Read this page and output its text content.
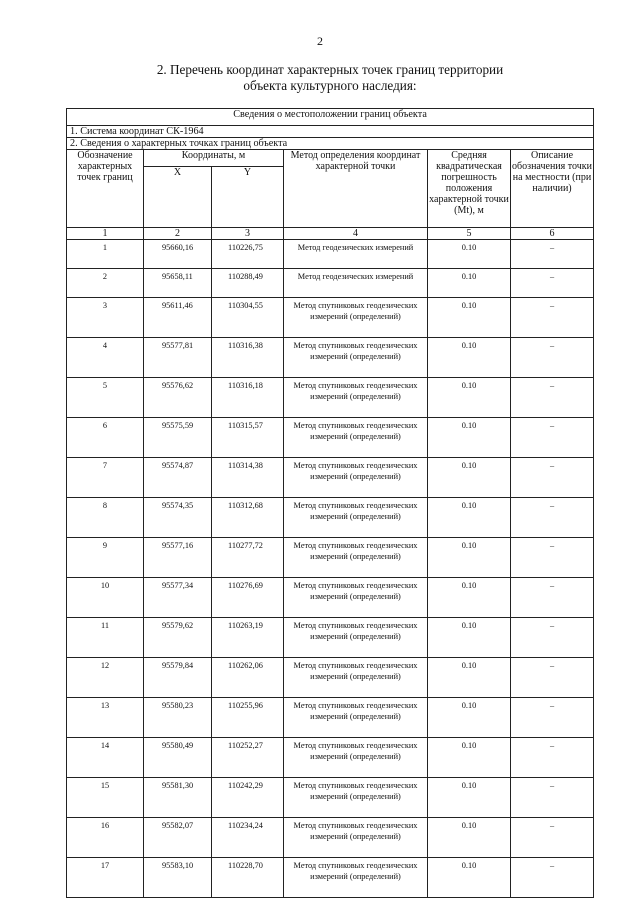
2
2. Перечень координат характерных точек границ территории
объекта культурного наследия:
Сведения о местоположении границ объекта					
1. Система координат СК-1964					
2. Сведения о характерных точках границ объекта					
Обозначение характерных точек границ	Координаты, м		Метод определения координат характерной точки	Средняя квадратическая погрешность положения характерной точки (Mt), м	Описание обозначения точки на местности (при наличии)
	X	Y			
1	2	3	4	5	6
1	95660,16	110226,75	Метод геодезических измерений	0.10	–
2	95658,11	110288,49	Метод геодезических измерений	0.10	–
3	95611,46	110304,55	Метод спутниковых геодезических измерений (определений)	0.10	–
4	95577,81	110316,38	Метод спутниковых геодезических измерений (определений)	0.10	–
5	95576,62	110316,18	Метод спутниковых геодезических измерений (определений)	0.10	–
6	95575,59	110315,57	Метод спутниковых геодезических измерений (определений)	0.10	–
7	95574,87	110314,38	Метод спутниковых геодезических измерений (определений)	0.10	–
8	95574,35	110312,68	Метод спутниковых геодезических измерений (определений)	0.10	–
9	95577,16	110277,72	Метод спутниковых геодезических измерений (определений)	0.10	–
10	95577,34	110276,69	Метод спутниковых геодезических измерений (определений)	0.10	–
11	95579,62	110263,19	Метод спутниковых геодезических измерений (определений)	0.10	–
12	95579,84	110262,06	Метод спутниковых геодезических измерений (определений)	0.10	–
13	95580,23	110255,96	Метод спутниковых геодезических измерений (определений)	0.10	–
14	95580,49	110252,27	Метод спутниковых геодезических измерений (определений)	0.10	–
15	95581,30	110242,29	Метод спутниковых геодезических измерений (определений)	0.10	–
16	95582,07	110234,24	Метод спутниковых геодезических измерений (определений)	0.10	–
17	95583,10	110228,70	Метод спутниковых геодезических измерений (определений)	0.10	–
